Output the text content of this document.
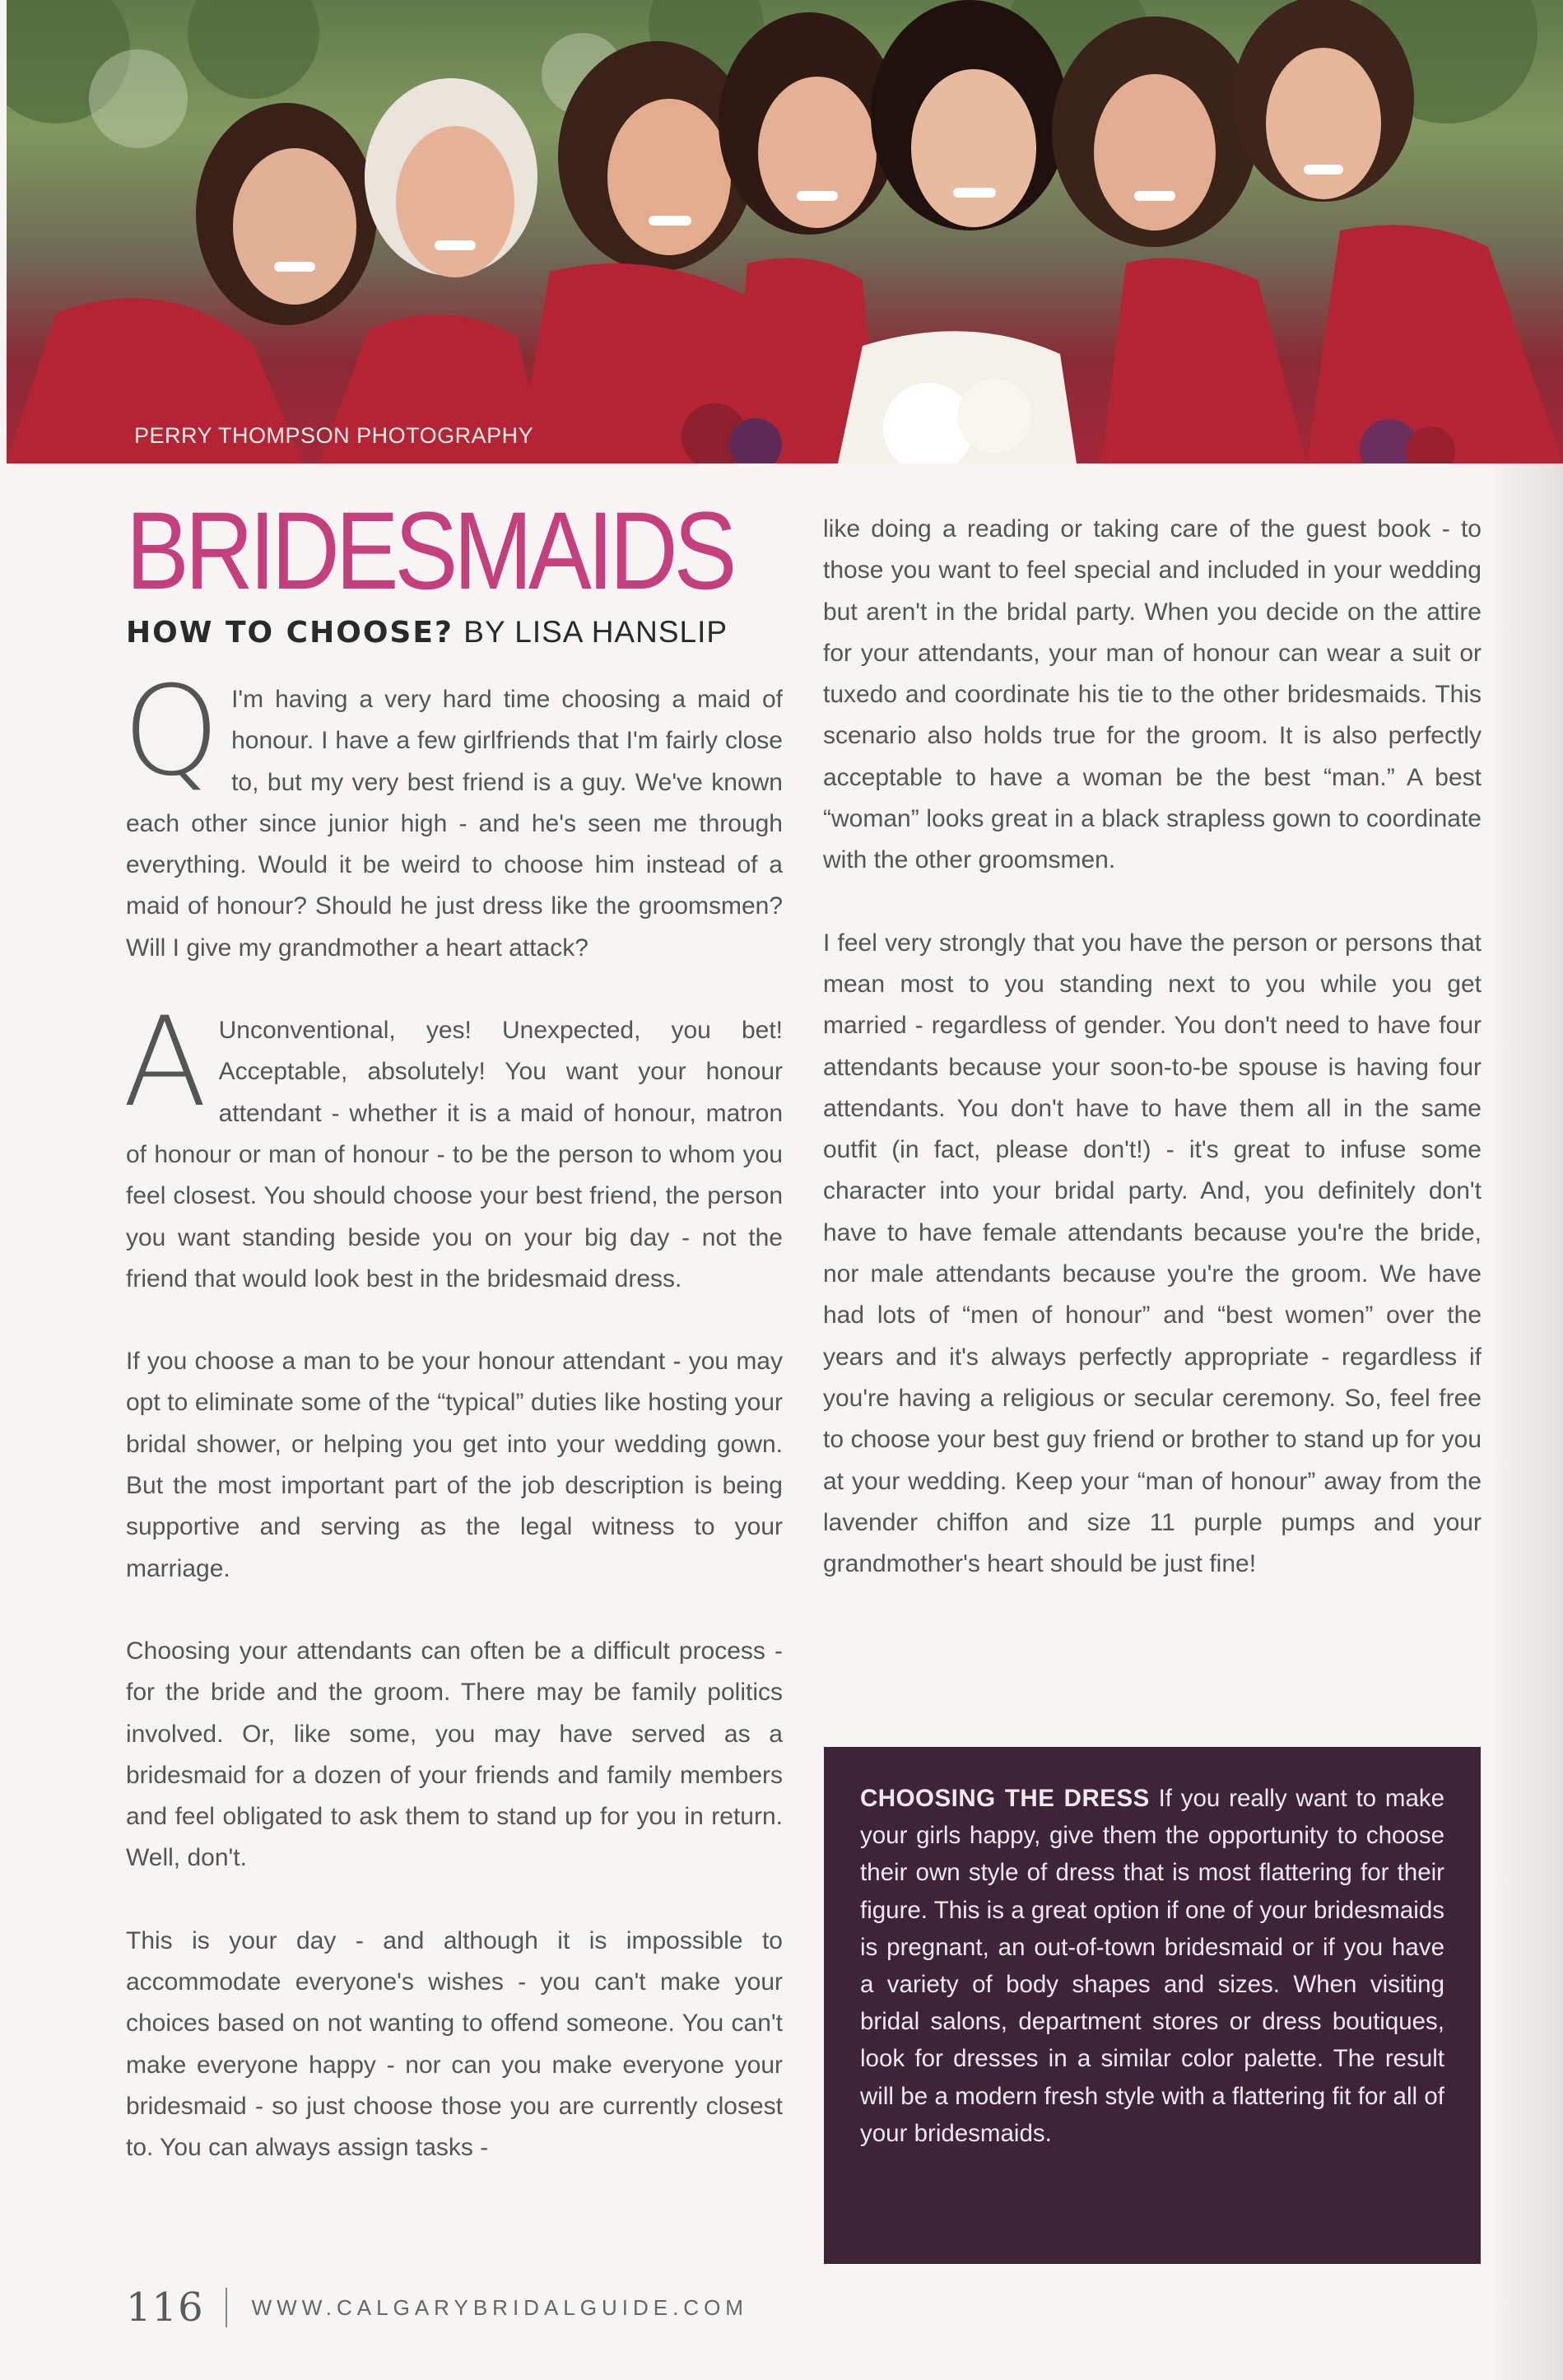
PERRY THOMPSON PHOTOGRAPHY
BRIDESMAIDS
HOW TO CHOOSE? BY LISA HANSLIP

Q I'm having a very hard time choosing a maid of honour. I have a few girlfriends that I'm fairly close to, but my very best friend is a guy. We've known each other since junior high - and he's seen me through everything. Would it be weird to choose him instead of a maid of honour? Should he just dress like the groomsmen? Will I give my grandmother a heart attack?

A Unconventional, yes! Unexpected, you bet! Acceptable, absolutely! You want your honour attendant - whether it is a maid of honour, matron of honour or man of honour - to be the person to whom you feel closest. You should choose your best friend, the person you want standing beside you on your big day - not the friend that would look best in the bridesmaid dress.

If you choose a man to be your honour attendant - you may opt to eliminate some of the “typical” duties like hosting your bridal shower, or helping you get into your wedding gown. But the most important part of the job description is being supportive and serving as the legal witness to your marriage.

Choosing your attendants can often be a difficult process - for the bride and the groom. There may be family politics involved. Or, like some, you may have served as a bridesmaid for a dozen of your friends and family members and feel obligated to ask them to stand up for you in return. Well, don't.

This is your day - and although it is impossible to accommodate everyone's wishes - you can't make your choices based on not wanting to offend someone. You can't make everyone happy - nor can you make everyone your bridesmaid - so just choose those you are currently closest to. You can always assign tasks -

like doing a reading or taking care of the guest book - to those you want to feel special and included in your wedding but aren't in the bridal party. When you decide on the attire for your attendants, your man of honour can wear a suit or tuxedo and coordinate his tie to the other bridesmaids. This scenario also holds true for the groom. It is also perfectly acceptable to have a woman be the best “man.” A best “woman” looks great in a black strapless gown to coordinate with the other groomsmen.

I feel very strongly that you have the person or persons that mean most to you standing next to you while you get married - regardless of gender. You don't need to have four attendants because your soon-to-be spouse is having four attendants. You don't have to have them all in the same outfit (in fact, please don't!) - it's great to infuse some character into your bridal party. And, you definitely don't have to have female attendants because you're the bride, nor male attendants because you're the groom. We have had lots of “men of honour” and “best women” over the years and it's always perfectly appropriate - regardless if you're having a religious or secular ceremony. So, feel free to choose your best guy friend or brother to stand up for you at your wedding. Keep your “man of honour” away from the lavender chiffon and size 11 purple pumps and your grandmother's heart should be just fine!

CHOOSING THE DRESS If you really want to make your girls happy, give them the opportunity to choose their own style of dress that is most flattering for their figure. This is a great option if one of your bridesmaids is pregnant, an out-of-town bridesmaid or if you have a variety of body shapes and sizes. When visiting bridal salons, department stores or dress boutiques, look for dresses in a similar color palette. The result will be a modern fresh style with a flattering fit for all of your bridesmaids.

116 WWW.CALGARYBRIDALGUIDE.COM
